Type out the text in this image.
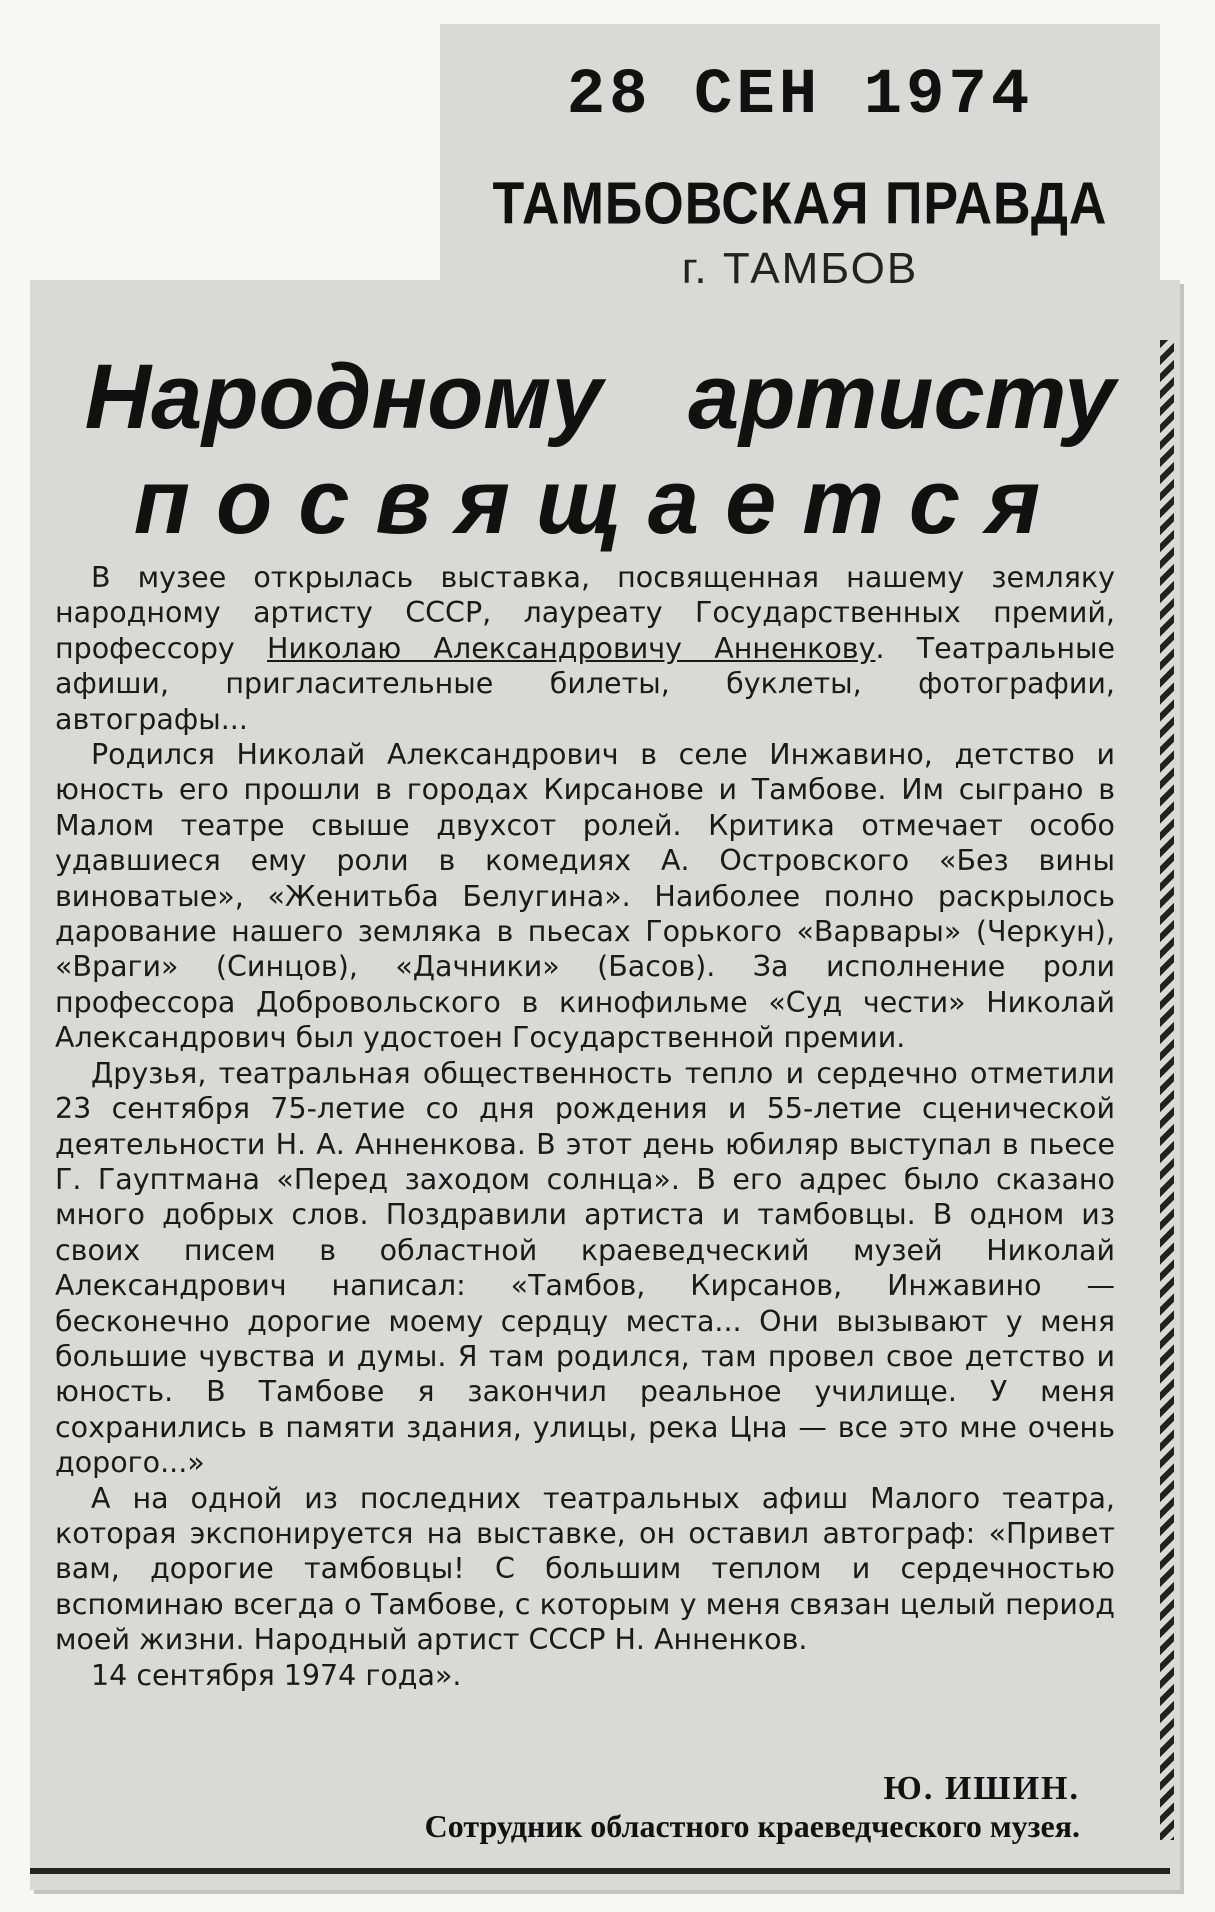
28 СЕН 1974
ТАМБОВСКАЯ ПРАВДА
г. ТАМБОВ
Народному артисту
посвящается

В музее открылась выставка, посвященная нашему земляку народному артисту СССР, лауреату Государственных премий, профессору Николаю Александровичу Анненкову. Театральные афиши, пригласительные билеты, буклеты, фотографии, автографы...

Родился Николай Александрович в селе Инжавино, детство и юность его прошли в городах Кирсанове и Тамбове. Им сыграно в Малом театре свыше двухсот ролей. Критика отмечает особо удавшиеся ему роли в комедиях А. Островского «Без вины виноватые», «Женитьба Белугина». Наиболее полно раскрылось дарование нашего земляка в пьесах Горького «Варвары» (Черкун), «Враги» (Синцов), «Дачники» (Басов). За исполнение роли профессора Добровольского в кинофильме «Суд чести» Николай Александрович был удостоен Государственной премии.

Друзья, театральная общественность тепло и сердечно отметили 23 сентября 75-летие со дня рождения и 55-летие сценической деятельности Н. А. Анненкова. В этот день юбиляр выступал в пьесе Г. Гауптмана «Перед заходом солнца». В его адрес было сказано много добрых слов. Поздравили артиста и тамбовцы. В одном из своих писем в областной краеведческий музей Николай Александрович написал: «Тамбов, Кирсанов, Инжавино — бесконечно дорогие моему сердцу места... Они вызывают у меня большие чувства и думы. Я там родился, там провел свое детство и юность. В Тамбове я закончил реальное училище. У меня сохранились в памяти здания, улицы, река Цна — все это мне очень дорого...»

А на одной из последних театральных афиш Малого театра, которая экспонируется на выставке, он оставил автограф: «Привет вам, дорогие тамбовцы! С большим теплом и сердечностью вспоминаю всегда о Тамбове, с которым у меня связан целый период моей жизни. Народный артист СССР Н. Анненков.

14 сентября 1974 года».

Ю. ИШИН.
Сотрудник областного краеведческого музея.
